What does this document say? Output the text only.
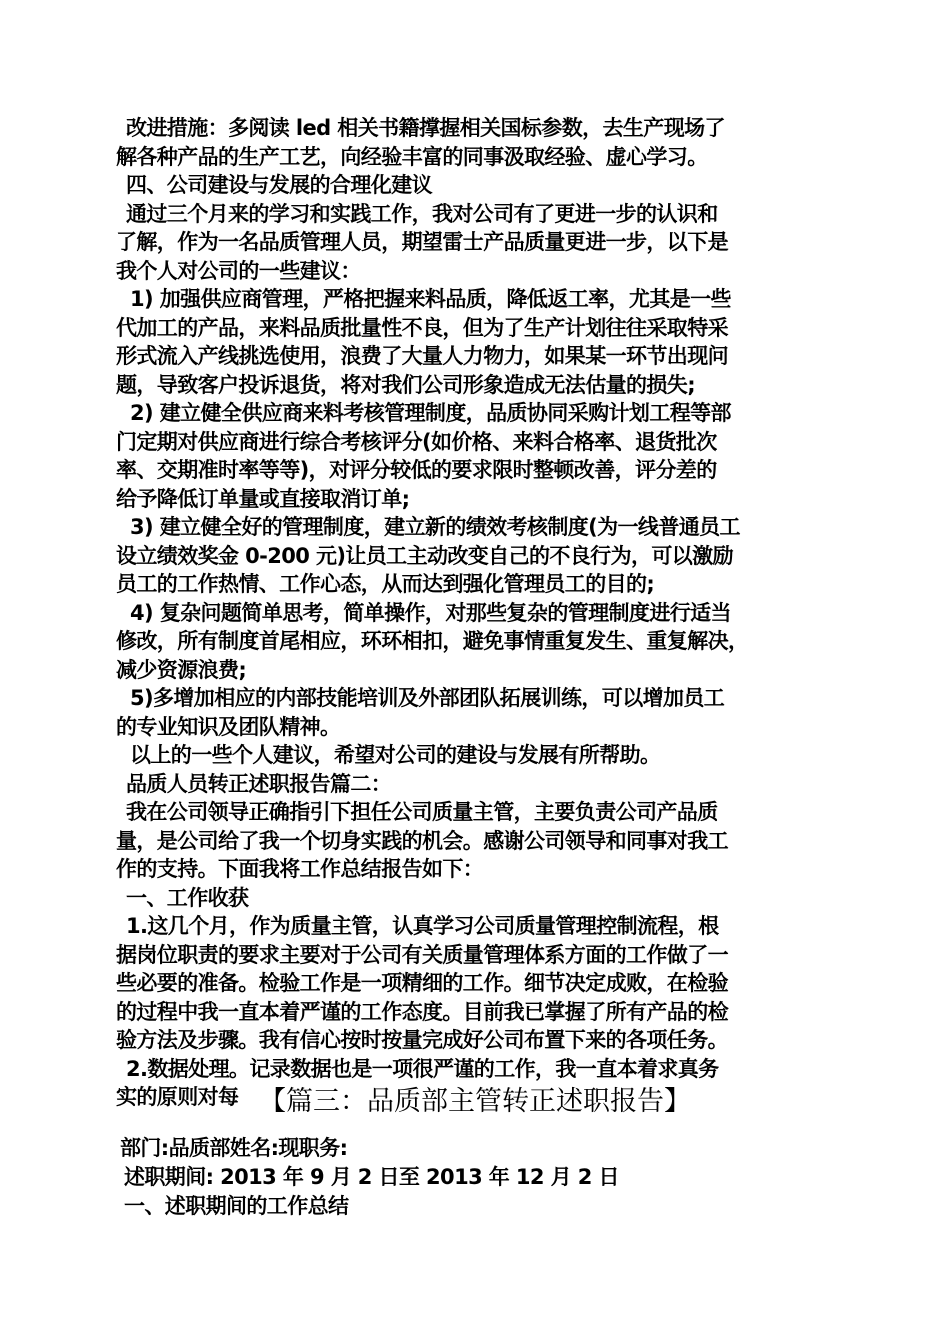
改进措施：多阅读 led 相关书籍撑握相关国标参数，去生产现场了
解各种产品的生产工艺，向经验丰富的同事汲取经验、虚心学习。
四、公司建设与发展的合理化建议
通过三个月来的学习和实践工作，我对公司有了更进一步的认识和
了解，作为一名品质管理人员，期望雷士产品质量更进一步，以下是
我个人对公司的一些建议：
1) 加强供应商管理，严格把握来料品质，降低返工率，尤其是一些
代加工的产品，来料品质批量性不良，但为了生产计划往往采取特采
形式流入产线挑选使用，浪费了大量人力物力，如果某一环节出现问
题，导致客户投诉退货，将对我们公司形象造成无法估量的损失;
2) 建立健全供应商来料考核管理制度，品质协同采购计划工程等部
门定期对供应商进行综合考核评分(如价格、来料合格率、退货批次
率、交期准时率等等)，对评分较低的要求限时整顿改善，评分差的
给予降低订单量或直接取消订单;
3) 建立健全好的管理制度，建立新的绩效考核制度(为一线普通员工
设立绩效奖金 0-200 元)让员工主动改变自己的不良行为，可以激励
员工的工作热情、工作心态，从而达到强化管理员工的目的;
4) 复杂问题简单思考，简单操作，对那些复杂的管理制度进行适当
修改，所有制度首尾相应，环环相扣，避免事情重复发生、重复解决，
减少资源浪费;
5)多增加相应的内部技能培训及外部团队拓展训练，可以增加员工
的专业知识及团队精神。
以上的一些个人建议，希望对公司的建设与发展有所帮助。
品质人员转正述职报告篇二：
我在公司领导正确指引下担任公司质量主管，主要负责公司产品质
量，是公司给了我一个切身实践的机会。感谢公司领导和同事对我工
作的支持。下面我将工作总结报告如下：
一、工作收获
1.这几个月，作为质量主管，认真学习公司质量管理控制流程，根
据岗位职责的要求主要对于公司有关质量管理体系方面的工作做了一
些必要的准备。检验工作是一项精细的工作。细节决定成败，在检验
的过程中我一直本着严谨的工作态度。目前我已掌握了所有产品的检
验方法及步骤。我有信心按时按量完成好公司布置下来的各项任务。
2.数据处理。记录数据也是一项很严谨的工作，我一直本着求真务
实的原则对每 【篇三：品质部主管转正述职报告】
部门:品质部姓名:现职务:
述职期间: 2013 年 9 月 2 日至 2013 年 12 月 2 日
一、述职期间的工作总结
